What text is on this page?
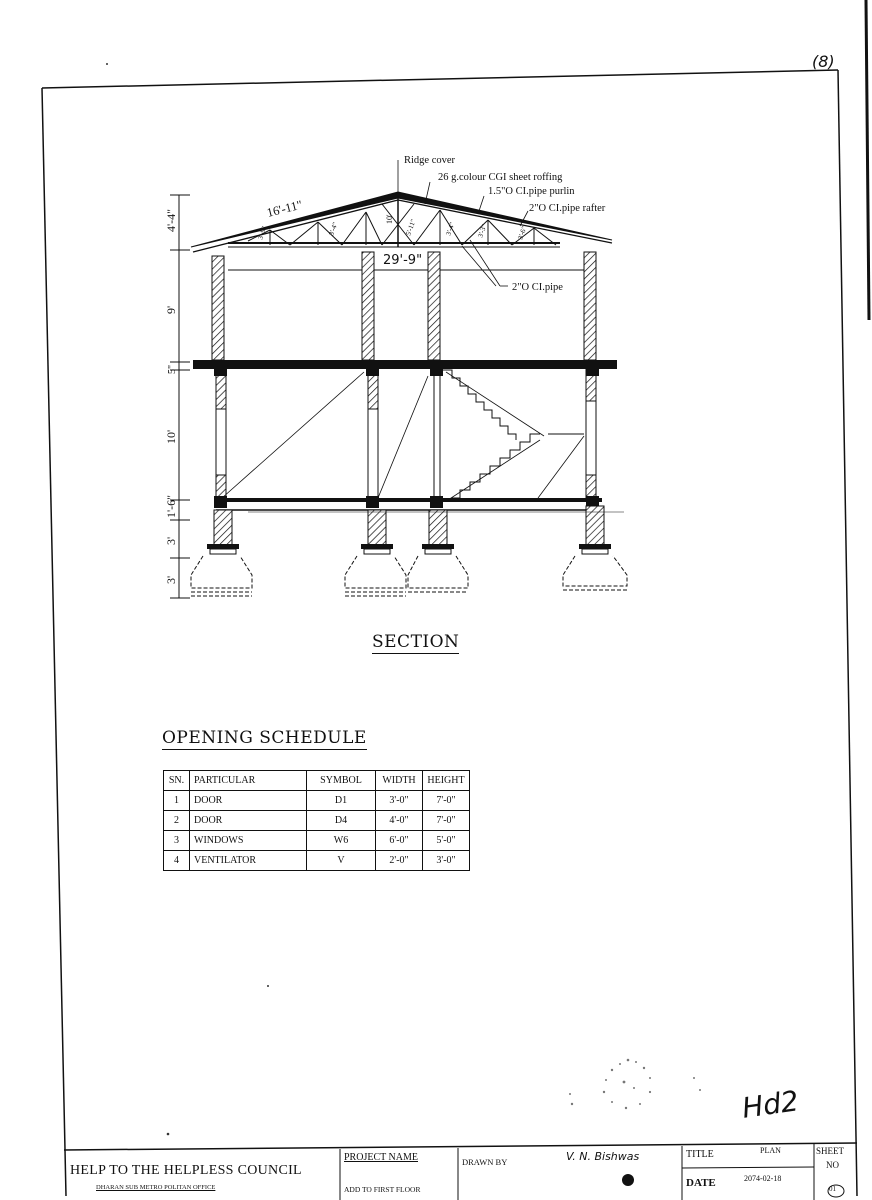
Ridge cover
26 g.colour CGI sheet roffing
1.5"O CI.pipe purlin
2"O CI.pipe rafter
2"O CI.pipe
16'-11"
29'-9"
3'-9"	3'-4"
10' 5'-11"	3'-4"	3'-3"	3'-6"
4'-4"
9'
5"
10'
1'-6"
3'
3'
(8)
SECTION
OPENING SCHEDULE
SN.	PARTICULAR	SYMBOL	WIDTH	HEIGHT
1	DOOR	D1	3'-0"	7'-0"
2	DOOR	D4	4'-0"	7'-0"
3	WINDOWS	W6	6'-0"	5'-0"
4	VENTILATOR	V	2'-0"	3'-0"
Hd2
HELP TO THE HELPLESS COUNCIL
DHARAN SUB METRO POLITAN OFFICE
PROJECT NAME
ADD TO FIRST FLOOR
DRAWN BY	V. N. Bishwas	TITLE	PLAN
DATE	2074-02-18
SHEET
NO
01
